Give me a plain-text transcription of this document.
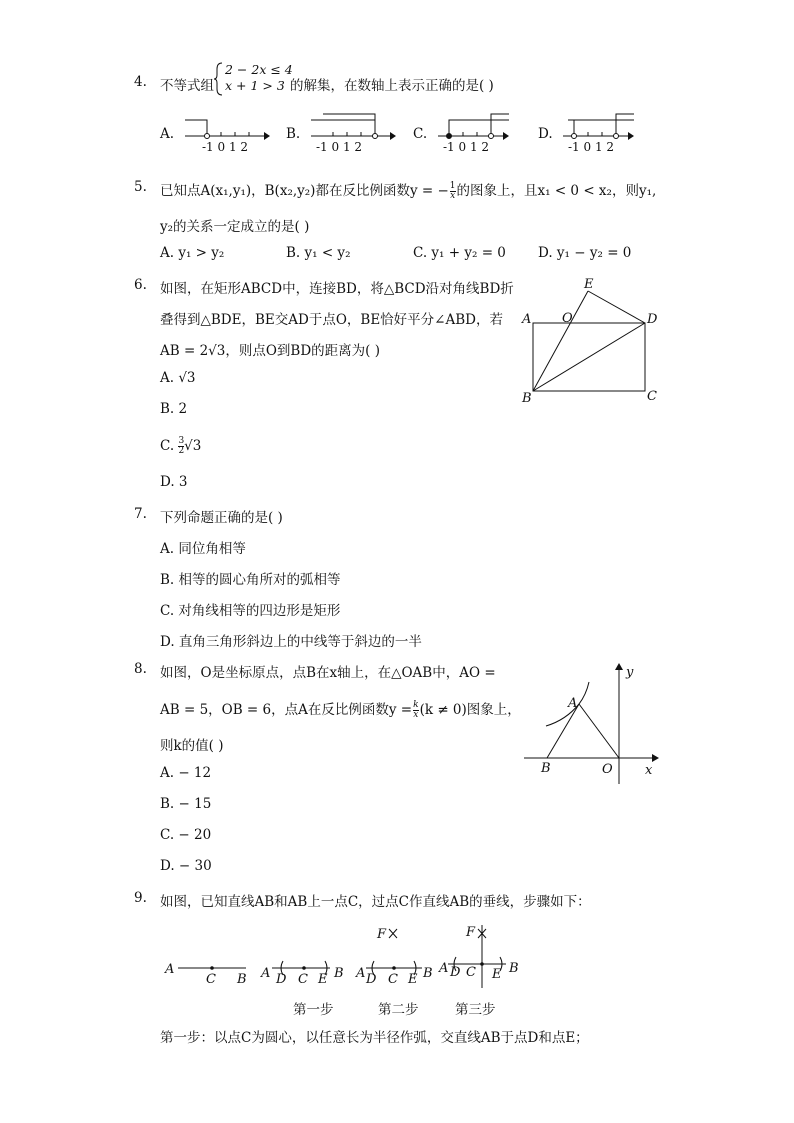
4. 不等式组
2 − 2x ≤ 4
x + 1 > 3 的解集，在数轴上表示正确的是( )
A.
-1 0 1 2
B.
-1 0 1 2
C.
-1 0 1 2
D.
-1 0 1 2
5. 已知点A(x₁,y₁)，B(x₂,y₂)都在反比例函数y = − $\frac{1}{x}$ 的图象上，且x₁ < 0 < x₂，则y₁,
y₂的关系一定成立的是( )
A. y₁ > y₂	B. y₁ < y₂	C. y₁ + y₂ = 0 D. y₁ − y₂ = 0
6. 如图，在矩形ABCD中，连接BD，将△BCD沿对角线BD折
叠得到△BDE，BE交AD于点O，BE恰好平分∠ABD，若
AB = 2√3，则点O到BD的距离为( )
A. √3
B. 2
C. $\frac{3}{2} √3$
D. 3
E
A O	D
B	C
7. 下列命题正确的是( )
A. 同位角相等
B. 相等的圆心角所对的弧相等
C. 对角线相等的四边形是矩形
D. 直角三角形斜边上的中线等于斜边的一半
8. 如图，O是坐标原点，点B在x轴上，在△OAB中，AO =
AB = 5，OB = 6，点A在反比例函数$y = \frac{k}{x} (k \ne 0)$图象上，
则k的值( )
A. − 12
B. − 15
C. − 20
D. − 30
y
A
B	O x
9. 如图，已知直线AB和AB上一点C，过点C作直线AB的垂线，步骤如下：
A
C B A D C E B
F
A D C E B
F
A D C E B
第一步	第二步	第三步
第一步：以点C为圆心，以任意长为半径作弧，交直线AB于点D和点E；
